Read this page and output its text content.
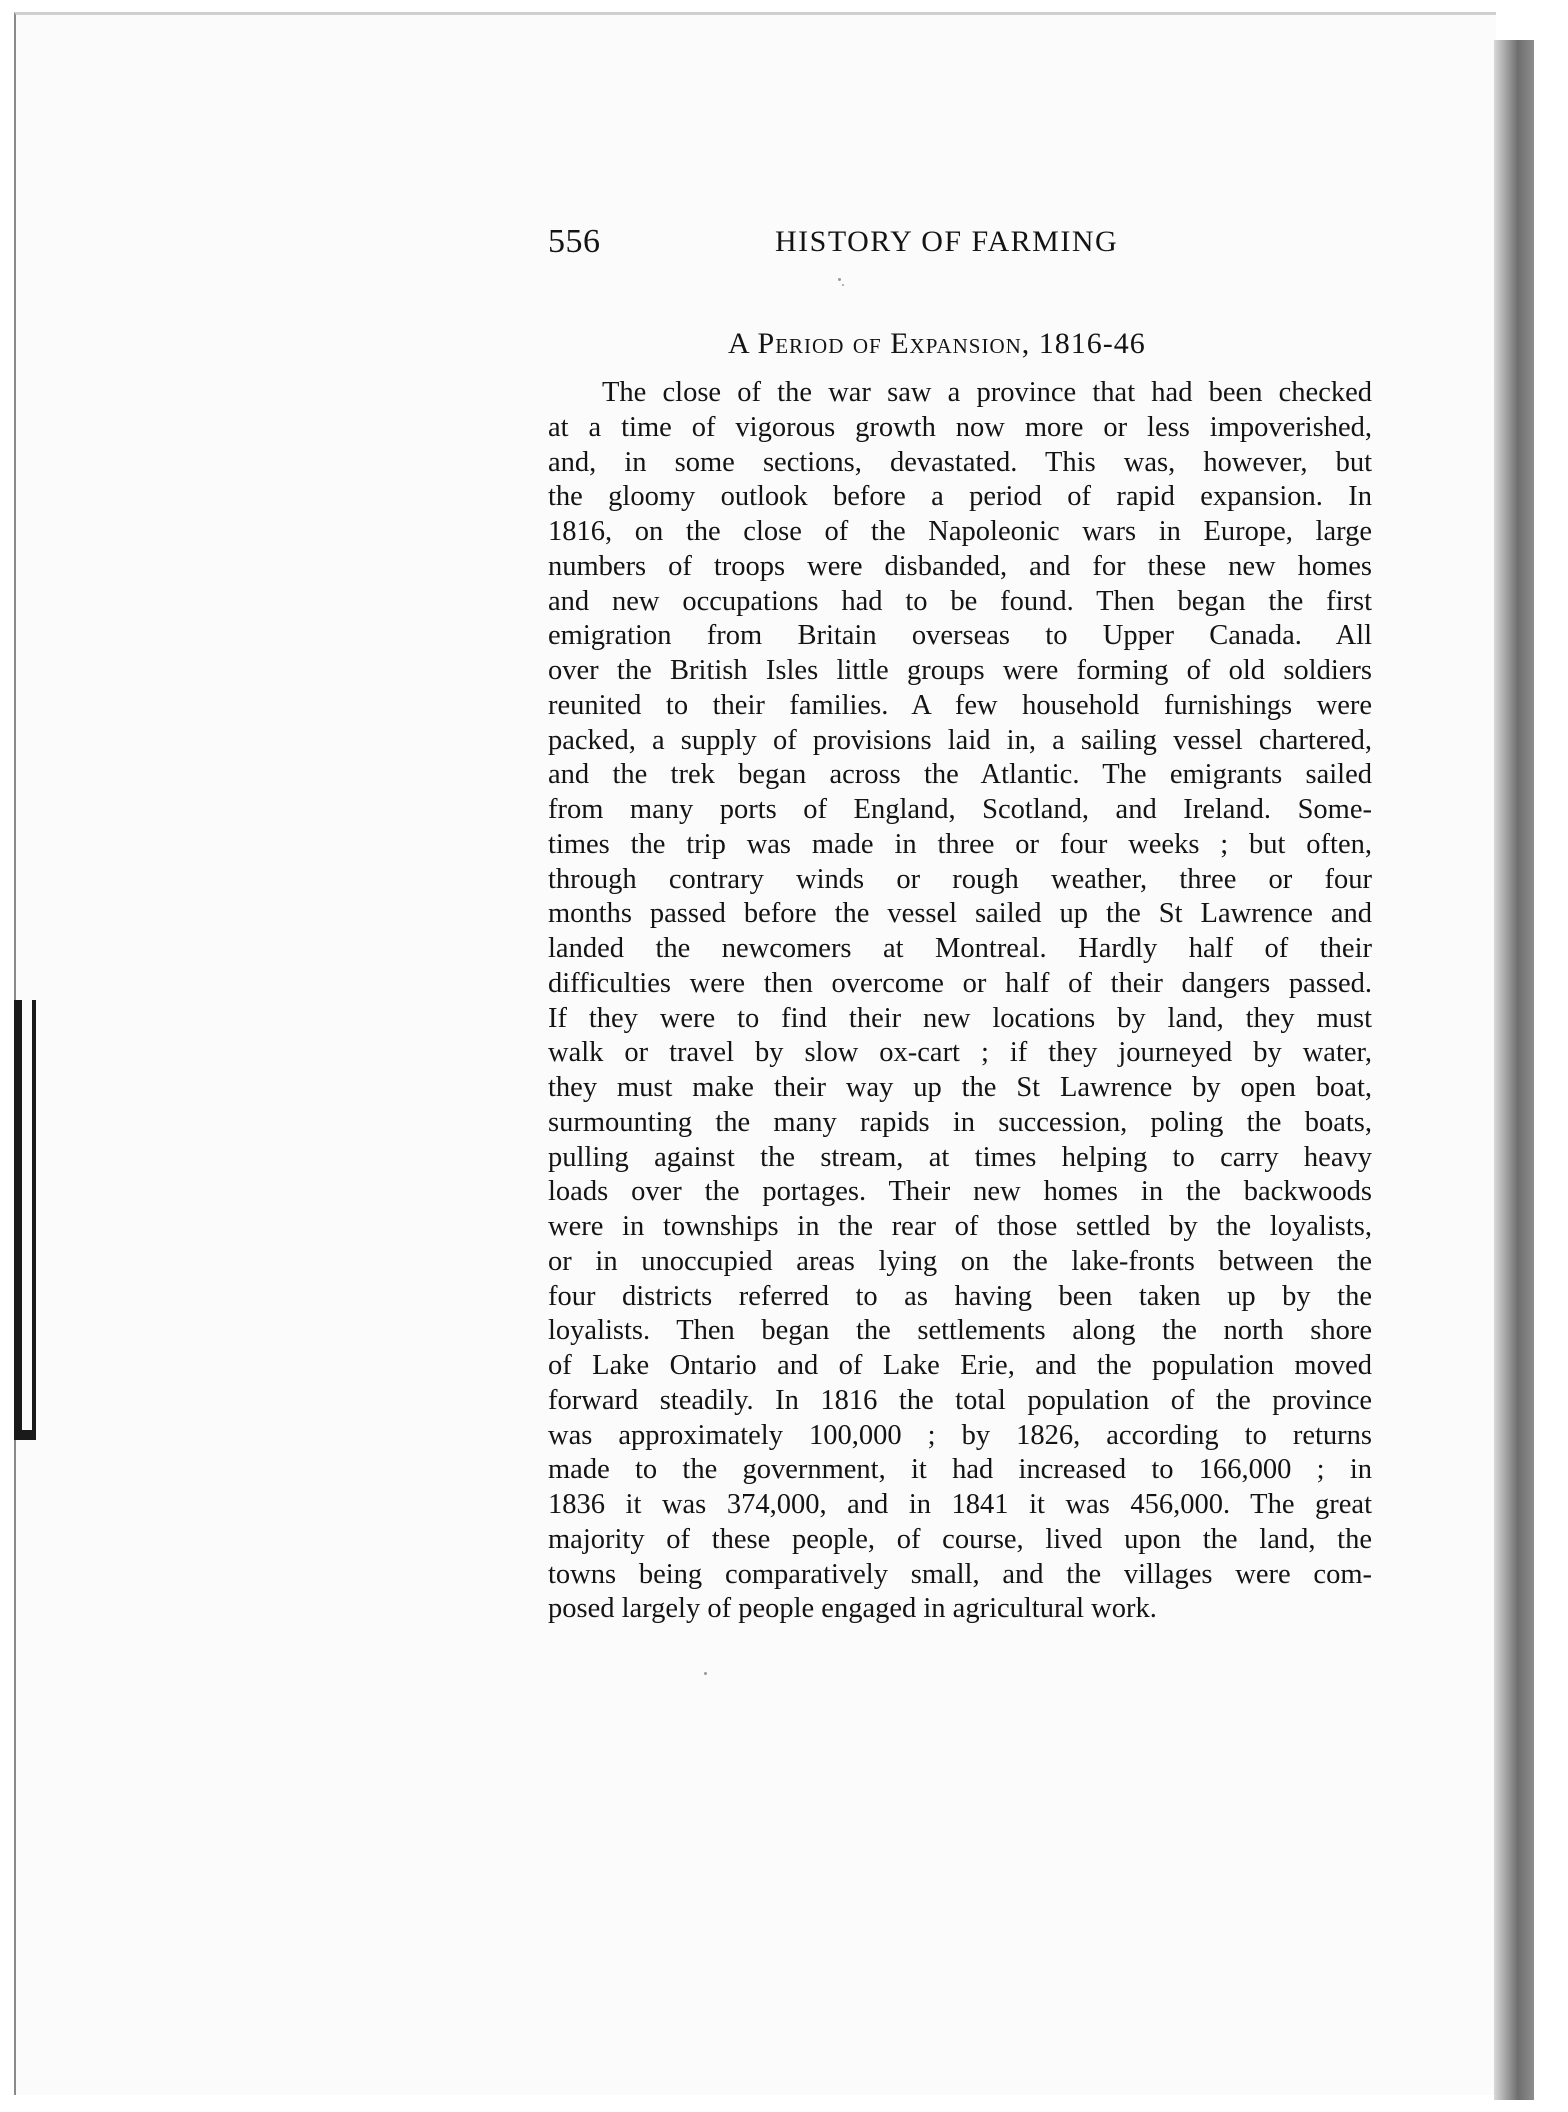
556	HISTORY OF FARMING
A Period of Expansion, 1816-46
The close of the war saw a province that had been checked
at a time of vigorous growth now more or less impoverished,
and, in some sections, devastated. This was, however, but
the gloomy outlook before a period of rapid expansion. In
1816, on the close of the Napoleonic wars in Europe, large
numbers of troops were disbanded, and for these new homes
and new occupations had to be found. Then began the first
emigration from Britain overseas to Upper Canada. All
over the British Isles little groups were forming of old soldiers
reunited to their families. A few household furnishings were
packed, a supply of provisions laid in, a sailing vessel chartered,
and the trek began across the Atlantic. The emigrants sailed
from many ports of England, Scotland, and Ireland. Some-
times the trip was made in three or four weeks ; but often,
through contrary winds or rough weather, three or four
months passed before the vessel sailed up the St Lawrence and
landed the newcomers at Montreal. Hardly half of their
difficulties were then overcome or half of their dangers passed.
If they were to find their new locations by land, they must
walk or travel by slow ox-cart ; if they journeyed by water,
they must make their way up the St Lawrence by open boat,
surmounting the many rapids in succession, poling the boats,
pulling against the stream, at times helping to carry heavy
loads over the portages. Their new homes in the backwoods
were in townships in the rear of those settled by the loyalists,
or in unoccupied areas lying on the lake-fronts between the
four districts referred to as having been taken up by the
loyalists. Then began the settlements along the north shore
of Lake Ontario and of Lake Erie, and the population moved
forward steadily. In 1816 the total population of the province
was approximately 100,000 ; by 1826, according to returns
made to the government, it had increased to 166,000 ; in
1836 it was 374,000, and in 1841 it was 456,000. The great
majority of these people, of course, lived upon the land, the
towns being comparatively small, and the villages were com-
posed largely of people engaged in agricultural work.
